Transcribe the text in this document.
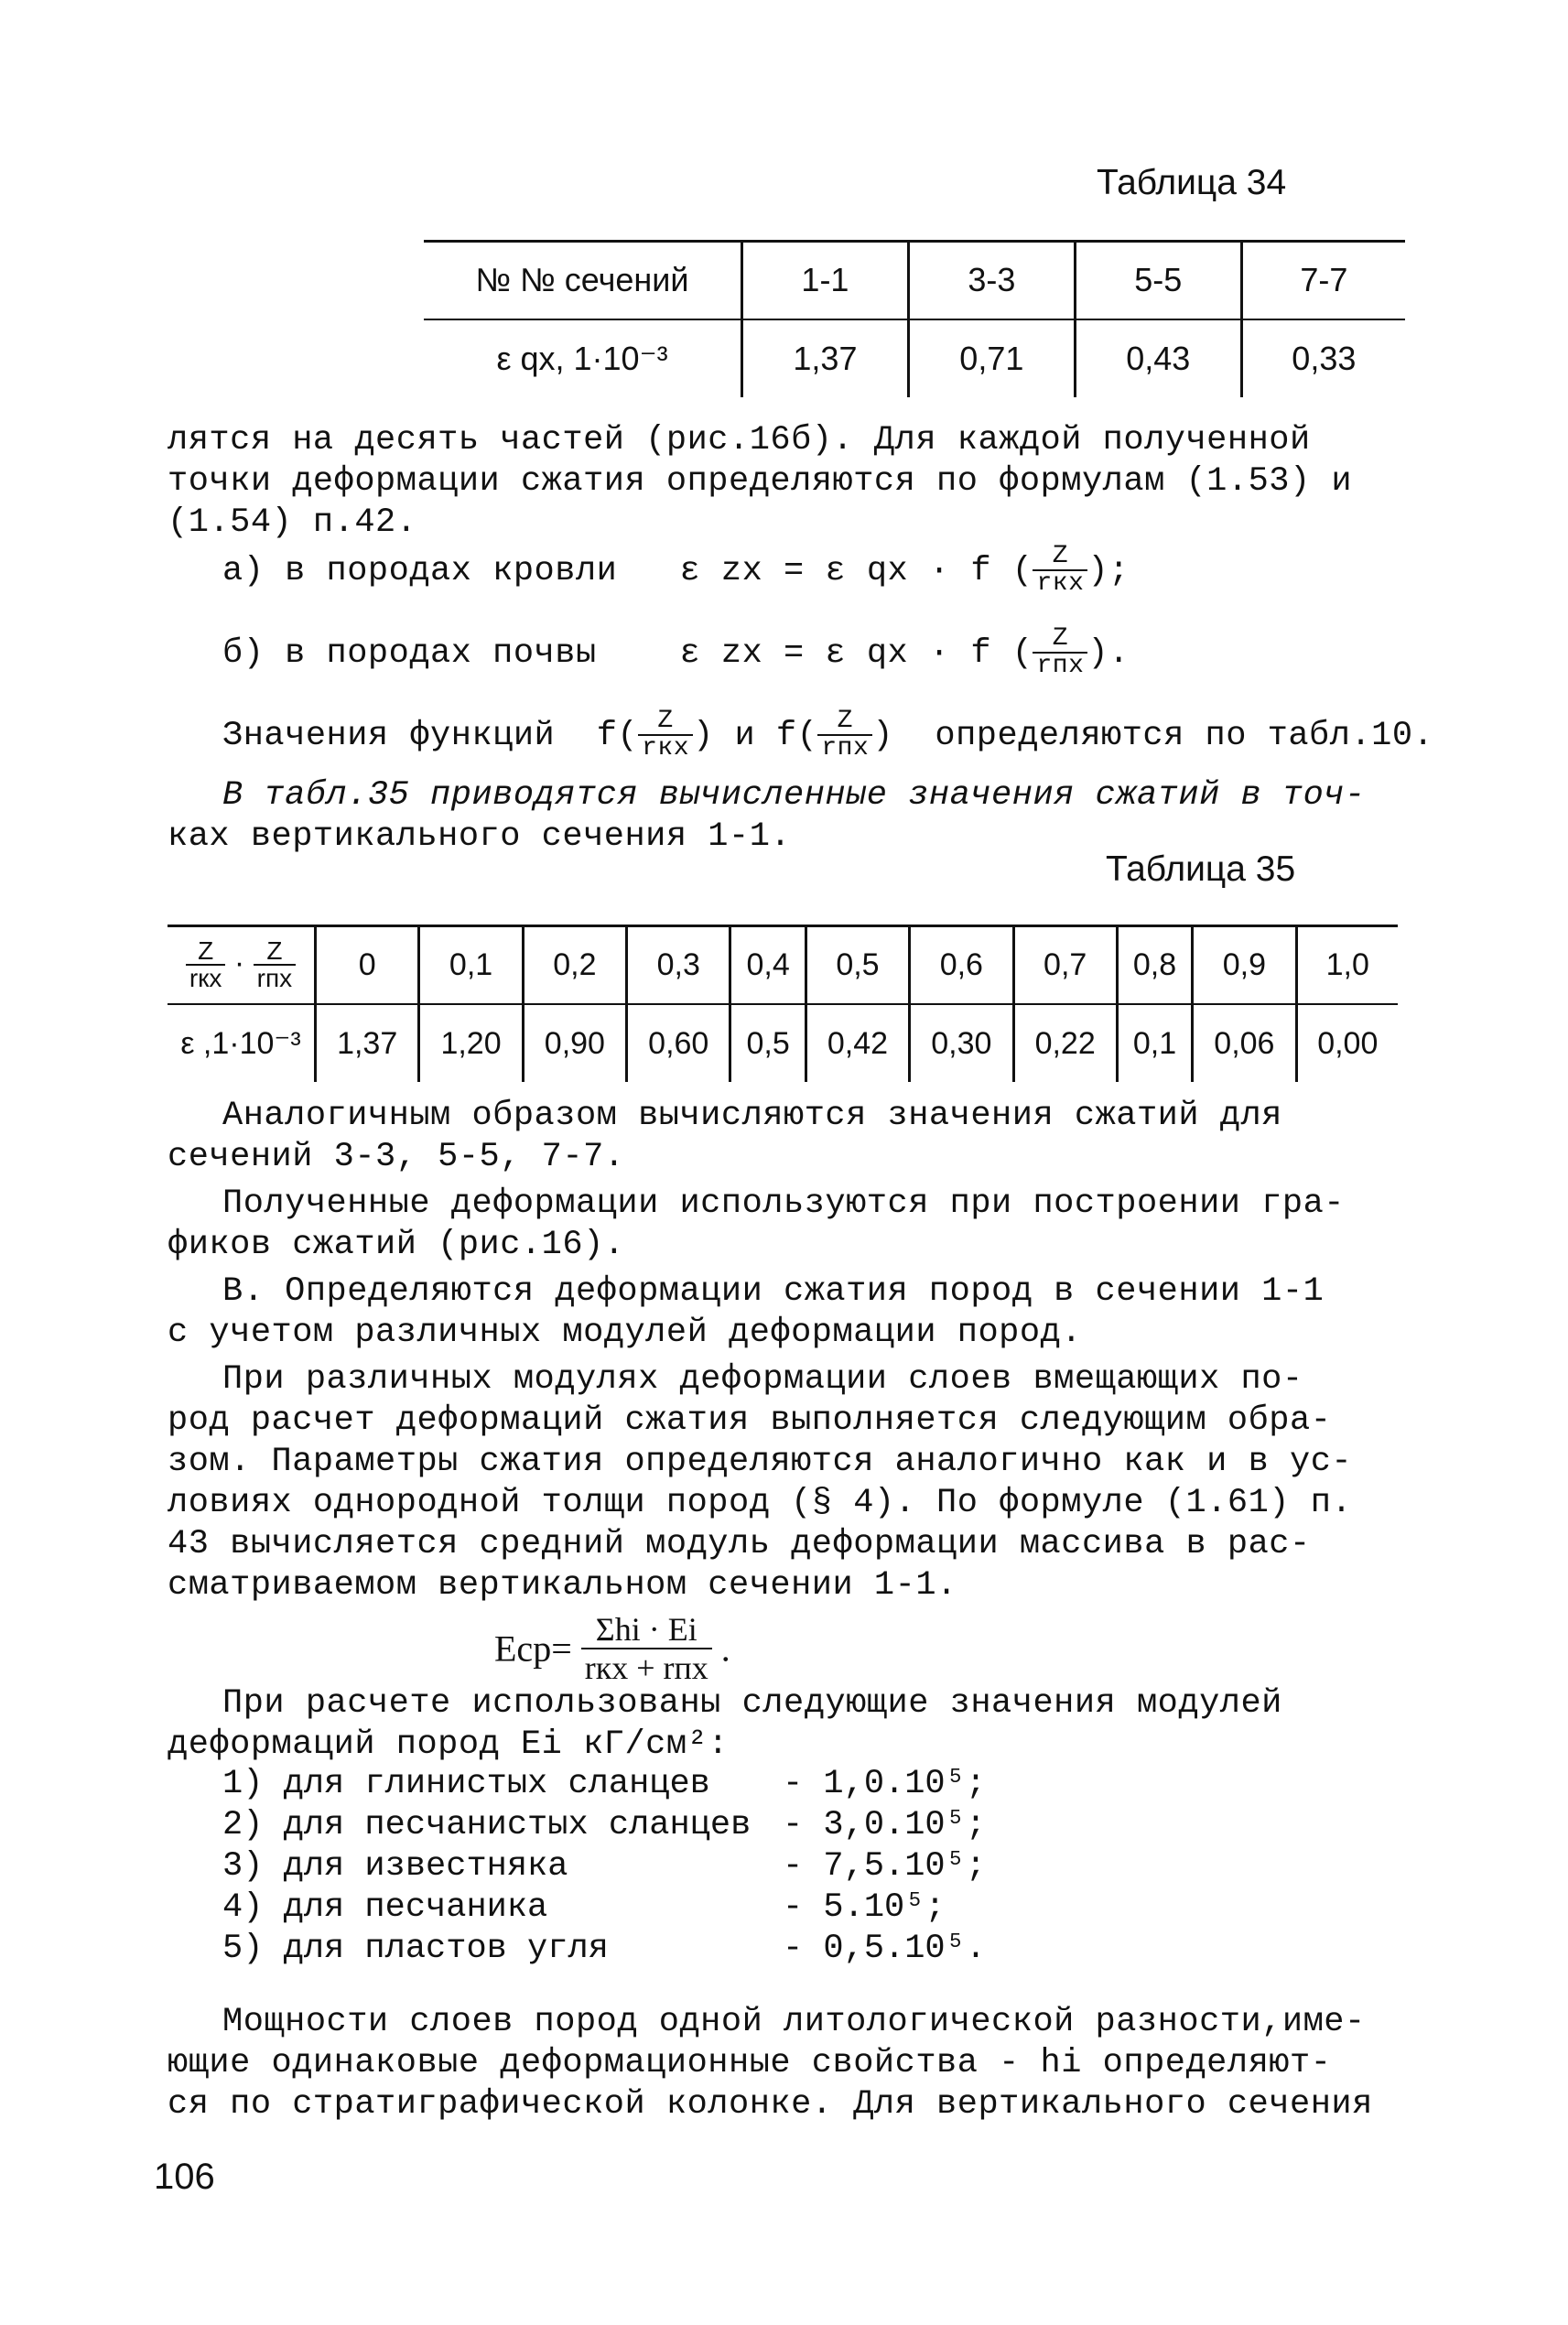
Таблица 34
№ № сечений	1-1	3-3	5-5	7-7
ε qx, 1·10⁻³	1,37	0,71	0,43	0,33
лятся на десять частей (рис.16б). Для каждой полученной
точки деформации сжатия определяются по формулам (1.53) и
(1.54) п.42.
а) в породах кровли ε zx = ε qx · f ( $\frac{Z}{\text{rкx}}$ );
б) в породах почвы ε zx = ε qx · f ( $\frac{Z}{\text{rпx}}$ ).
Значения функций $f( \frac{Z}{\text{rкx}}$ ) и $f( \frac{Z}{\text{rпx}}$ )  определяются по табл.10.
В табл.35 приводятся вычисленные значения сжатий в точ-
ках вертикального сечения 1-1.
Таблица 35
$\frac{Z}{\text{rкx}} \cdot \frac{Z}{\text{rпx}}$	0	0,1	0,2	0,3	0,4	0,5	0,6	0,7	0,8	0,9	1,0
ε ,1·10⁻³	1,37	1,20	0,90	0,60	0,5	0,42	0,30	0,22	0,1	0,06	0,00
Аналогичным образом вычисляются значения сжатий для
сечений 3-3, 5-5, 7-7.
Полученные деформации используются при построении гра-
фиков сжатий (рис.16).
В. Определяются деформации сжатия пород в сечении 1-1
с учетом различных модулей деформации пород.
При различных модулях деформации слоев вмещающих по-
род расчет деформаций сжатия выполняется следующим обра-
зом. Параметры сжатия определяются аналогично как и в ус-
ловиях однородной толщи пород (§ 4). По формуле (1.61) п.
43 вычисляется средний модуль деформации массива в рас-
сматриваемом вертикальном сечении 1-1.
$Eср= \frac{\text{Σhi · Ei}}{\text{rкx + rпx}}$ .
При расчете использованы следующие значения модулей
деформаций пород Ei кГ/см²:
1) для глинистых сланцев - 1,0.10⁵;
2) для песчанистых сланцев - 3,0.10⁵;
3) для известняка	- 7,5.10⁵;
4) для песчаника	- 5.10⁵;
5) для пластов угля	- 0,5.10⁵.
Мощности слоев пород одной литологической разности,име-
ющие одинаковые деформационные свойства - hi определяют-
ся по стратиграфической колонке. Для вертикального сечения
106
